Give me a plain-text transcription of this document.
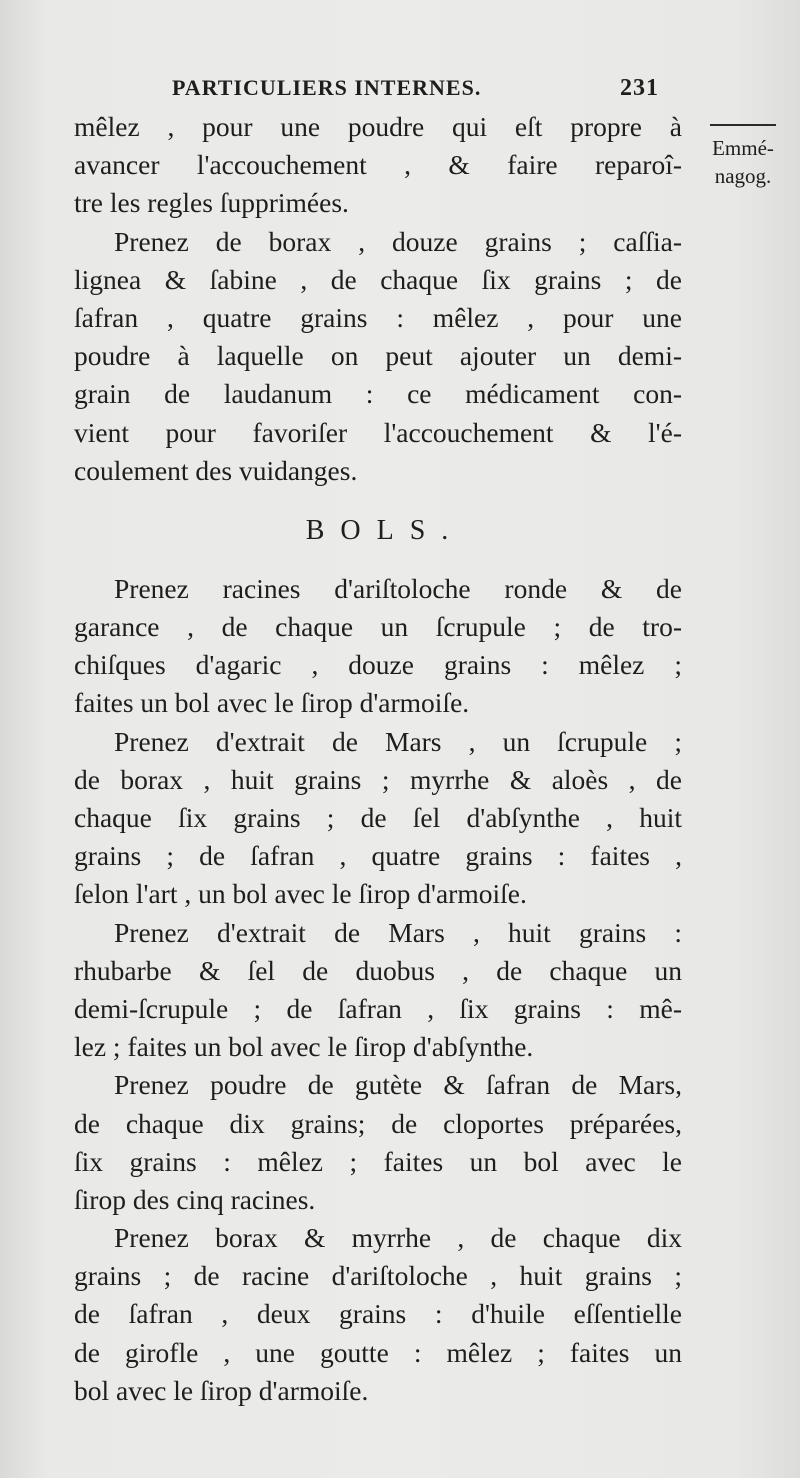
PARTICULIERS INTERNES.	231
Emmé-
nagog.
mêlez , pour une poudre qui eſt propre à
avancer l'accouchement , & faire reparoî-
tre les regles ſupprimées.
Prenez de borax , douze grains ; caſſia-
lignea & ſabine , de chaque ſix grains ; de
ſafran , quatre grains : mêlez , pour une
poudre à laquelle on peut ajouter un demi-
grain de laudanum : ce médicament con-
vient pour favoriſer l'accouchement & l'é-
coulement des vuidanges.
BOLS.
Prenez racines d'ariſtoloche ronde & de
garance , de chaque un ſcrupule ; de tro-
chiſques d'agaric , douze grains : mêlez ;
faites un bol avec le ſirop d'armoiſe.
Prenez d'extrait de Mars , un ſcrupule ;
de borax , huit grains ; myrrhe & aloès , de
chaque ſix grains ; de ſel d'abſynthe , huit
grains ; de ſafran , quatre grains : faites ,
ſelon l'art , un bol avec le ſirop d'armoiſe.
Prenez d'extrait de Mars , huit grains :
rhubarbe & ſel de duobus , de chaque un
demi-ſcrupule ; de ſafran , ſix grains : mê-
lez ; faites un bol avec le ſirop d'abſynthe.
Prenez poudre de gutète & ſafran de Mars,
de chaque dix grains; de cloportes préparées,
ſix grains : mêlez ; faites un bol avec le
ſirop des cinq racines.
Prenez borax & myrrhe , de chaque dix
grains ; de racine d'ariſtoloche , huit grains ;
de ſafran , deux grains : d'huile eſſentielle
de girofle , une goutte : mêlez ; faites un
bol avec le ſirop d'armoiſe.
